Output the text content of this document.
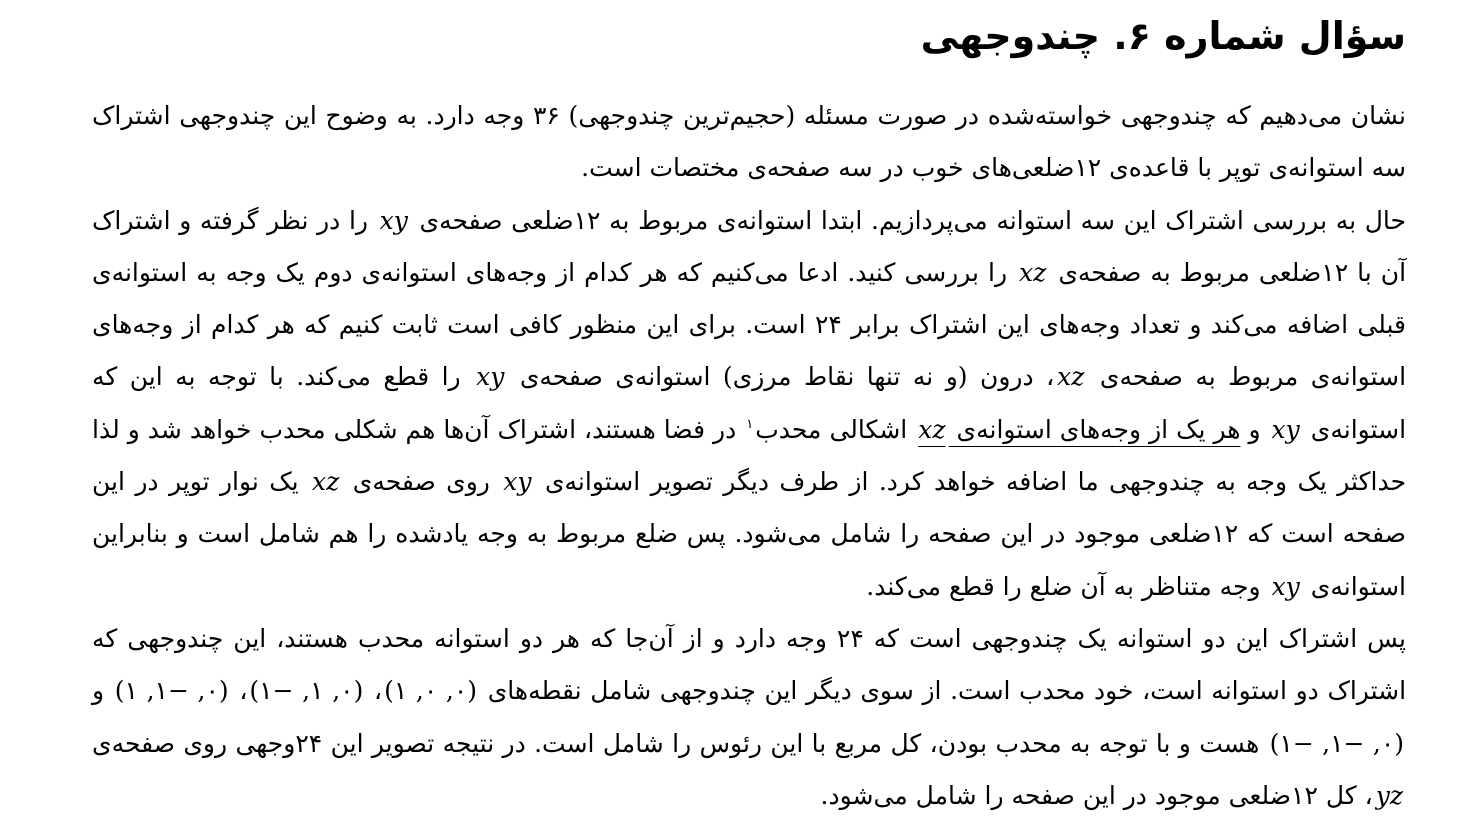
سؤال شماره ۶. چندوجهی

نشان می‌دهیم که چندوجهی خواسته‌شده در صورت مسئله (حجیم‌ترین چندوجهی) ۳۶ وجه دارد. به وضوح این چندوجهی اشتراک سه استوانه‌ی توپر با قاعده‌ی ۱۲ضلعی‌های خوب در سه صفحه‌ی مختصات است.

حال به بررسی اشتراک این سه استوانه می‌پردازیم. ابتدا استوانه‌ی مربوط به ۱۲ضلعی صفحه‌ی xy را در نظر گرفته و اشتراک آن با ۱۲ضلعی مربوط به صفحه‌ی xz را بررسی کنید. ادعا می‌کنیم که هر کدام از وجه‌های استوانه‌ی دوم یک وجه به استوانه‌ی قبلی اضافه می‌کند و تعداد وجه‌های این اشتراک برابر ۲۴ است. برای این منظور کافی است ثابت کنیم که هر کدام از وجه‌های استوانه‌ی مربوط به صفحه‌ی xz، درون (و نه تنها نقاط مرزی) استوانه‌ی صفحه‌ی xy را قطع می‌کند. با توجه به این که استوانه‌ی xy و هر یک از وجه‌های استوانه‌ی xz اشکالی محدب$^۱$ در فضا هستند، اشتراک آن‌ها هم شکلی محدب خواهد شد و لذا حداکثر یک وجه به چندوجهی ما اضافه خواهد کرد. از طرف دیگر تصویر استوانه‌ی xy روی صفحه‌ی xz یک نوار توپر در این صفحه است که ۱۲ضلعی موجود در این صفحه را شامل می‌شود. پس ضلع مربوط به وجه یادشده را هم شامل است و بنابراین استوانه‌ی xy وجه متناظر به آن ضلع را قطع می‌کند.

پس اشتراک این دو استوانه یک چندوجهی است که ۲۴ وجه دارد و از آن‌جا که هر دو استوانه محدب هستند، این چندوجهی که اشتراک دو استوانه است، خود محدب است. از سوی دیگر این چندوجهی شامل نقطه‌های (۱ ,۰ ,۰)، (۱− ,۱ ,۰)، (۱ ,۱− ,۰) و (۱− ,۱− ,۰) هست و با توجه به محدب بودن، کل مربع با این رئوس را شامل است. در نتیجه تصویر این ۲۴وجهی روی صفحه‌ی yz، کل ۱۲ضلعی موجود در این صفحه را شامل می‌شود.
